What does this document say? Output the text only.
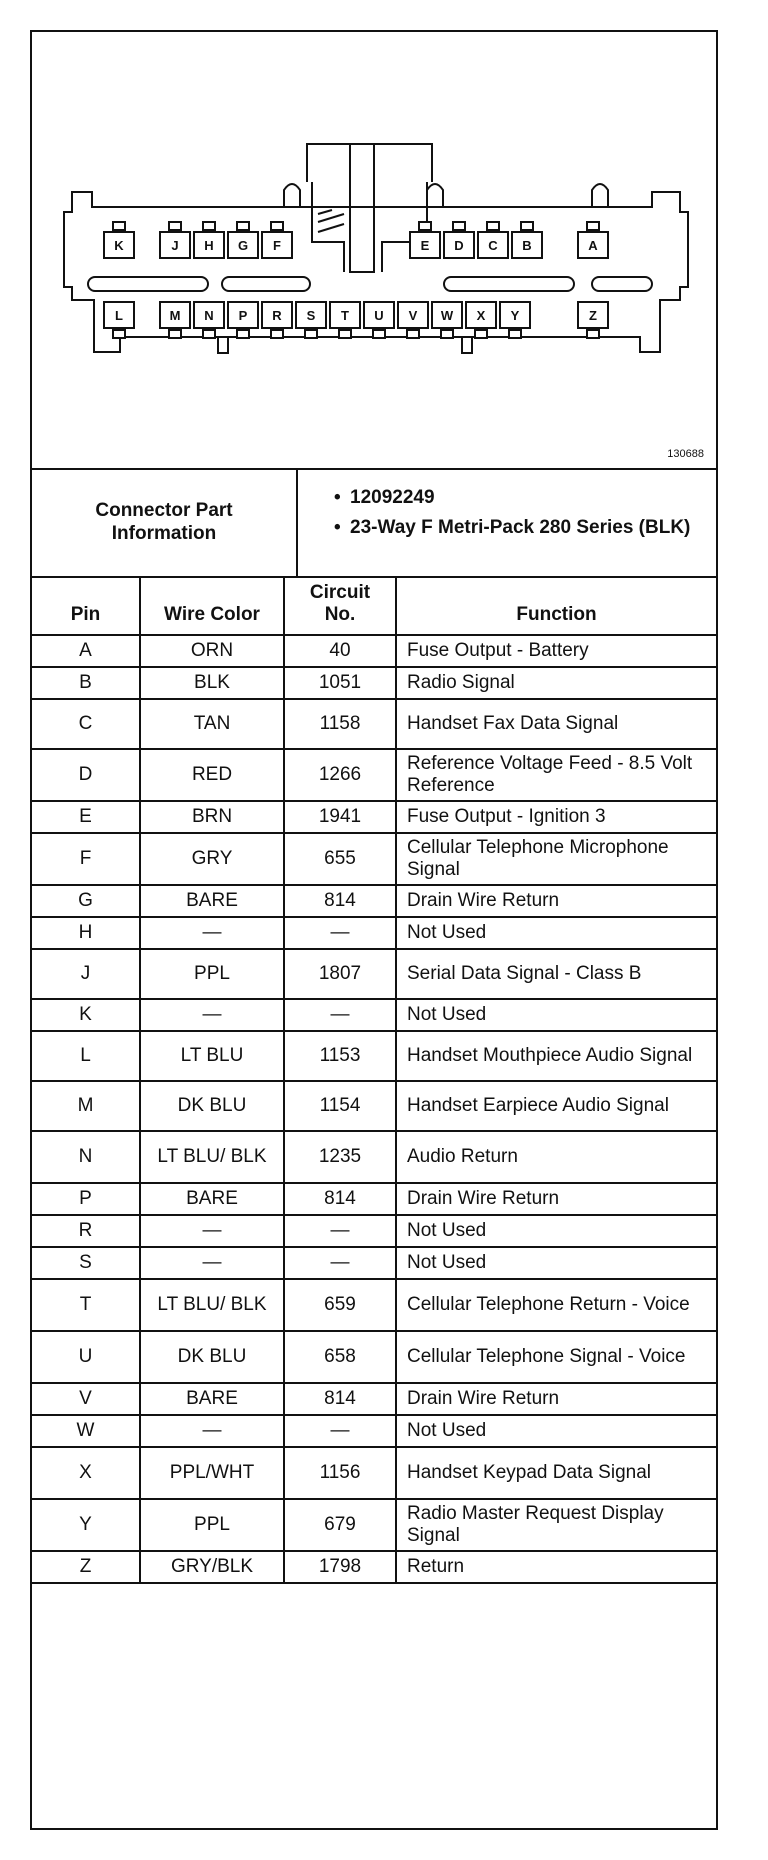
K	J H G F	E D C B	A
L	M N P R S T U V W X Y	Z
130688
Connector Part Information
• 12092249
• 23-Way F Metri-Pack 280 Series (BLK)
Pin	Wire Color	Circuit No.	Function
A	ORN	40	Fuse Output - Battery
B	BLK	1051	Radio Signal
C	TAN	1158	Handset Fax Data Signal
D	RED	1266	Reference Voltage Feed - 8.5 Volt Reference
E	BRN	1941	Fuse Output - Ignition 3
F	GRY	655	Cellular Telephone Microphone Signal
G	BARE	814	Drain Wire Return
H	—	—	Not Used
J	PPL	1807	Serial Data Signal - Class B
K	—	—	Not Used
L	LT BLU	1153	Handset Mouthpiece Audio Signal
M	DK BLU	1154	Handset Earpiece Audio Signal
N	LT BLU/ BLK	1235	Audio Return
P	BARE	814	Drain Wire Return
R	—	—	Not Used
S	—	—	Not Used
T	LT BLU/ BLK	659	Cellular Telephone Return - Voice
U	DK BLU	658	Cellular Telephone Signal - Voice
V	BARE	814	Drain Wire Return
W	—	—	Not Used
X	PPL/WHT	1156	Handset Keypad Data Signal
Y	PPL	679	Radio Master Request Display Signal
Z	GRY/BLK	1798	Return
